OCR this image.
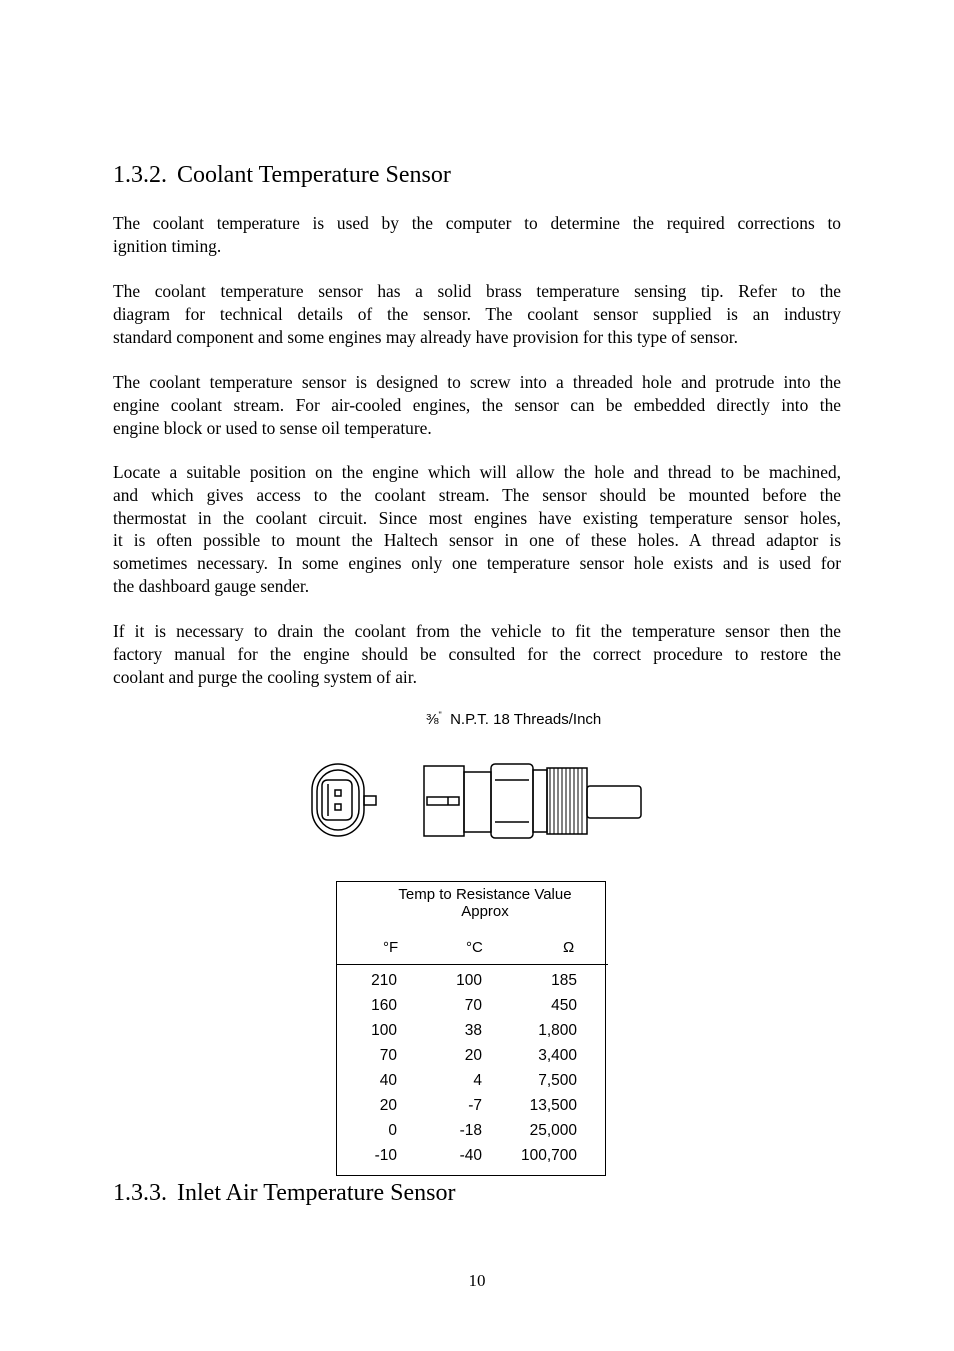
1.3.2. Coolant Temperature Sensor
The coolant temperature is used by the computer to determine the required corrections to
ignition timing.
The coolant temperature sensor has a solid brass temperature sensing tip. Refer to the
diagram for technical details of the sensor. The coolant sensor supplied is an industry
standard component and some engines may already have provision for this type of sensor.
The coolant temperature sensor is designed to screw into a threaded hole and protrude into the
engine coolant stream. For air-cooled engines, the sensor can be embedded directly into the
engine block or used to sense oil temperature.
Locate a suitable position on the engine which will allow the hole and thread to be machined,
and which gives access to the coolant stream. The sensor should be mounted before the
thermostat in the coolant circuit. Since most engines have existing temperature sensor holes,
it is often possible to mount the Haltech sensor in one of these holes. A thread adaptor is
sometimes necessary. In some engines only one temperature sensor hole exists and is used for
the dashboard gauge sender.
If it is necessary to drain the coolant from the vehicle to fit the temperature sensor then the
factory manual for the engine should be consulted for the correct procedure to restore the
coolant and purge the cooling system of air.
⅜" N.P.T. 18 Threads/Inch
Temp to Resistance Value
Approx
°F	°C	Ω
210	100	185
160	70	450
100	38	1,800
70	20	3,400
40	4	7,500
20	-7	13,500
0	-18	25,000
-10	-40	100,700
1.3.3. Inlet Air Temperature Sensor
10
